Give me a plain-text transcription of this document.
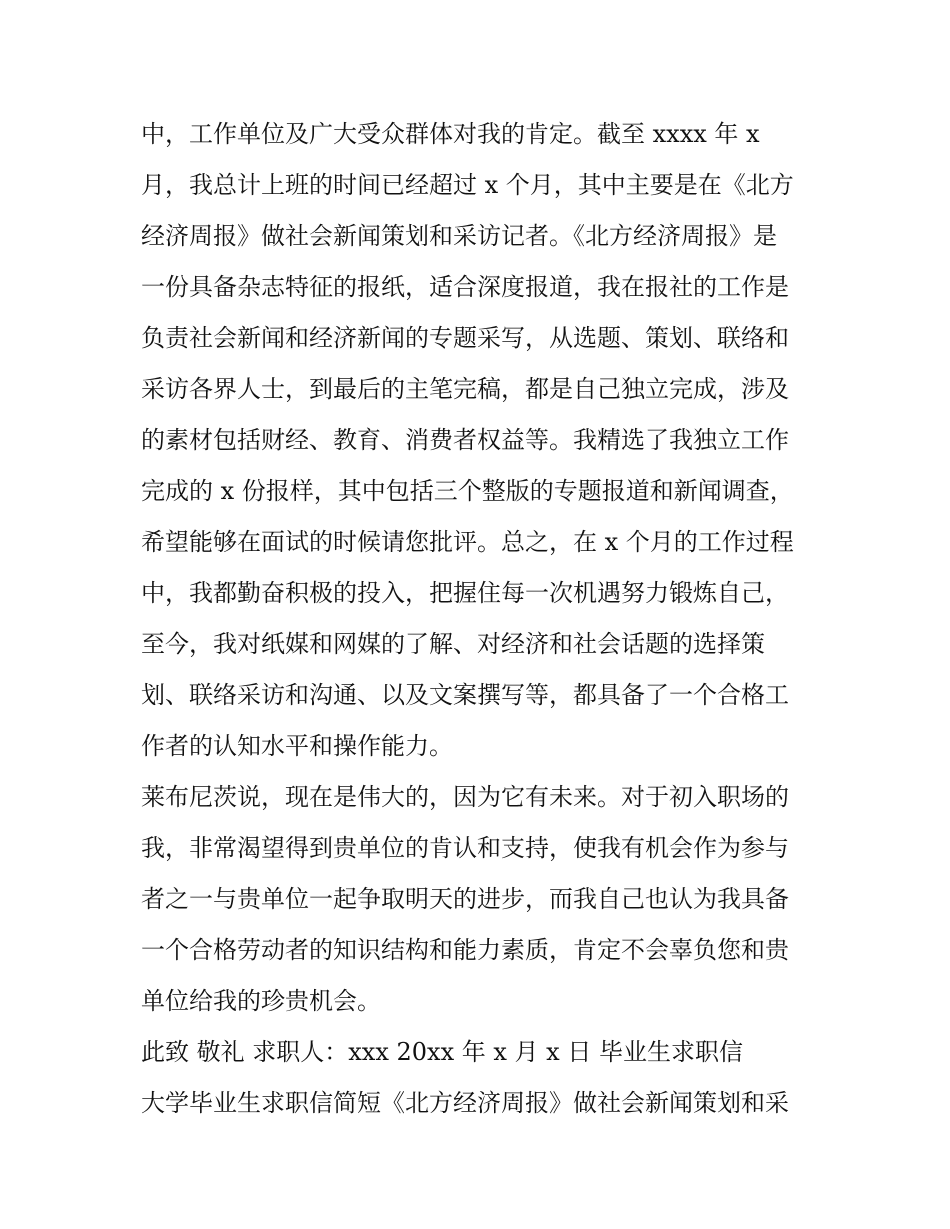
中，工作单位及广大受众群体对我的肯定。截至 xxxx 年 x
月，我总计上班的时间已经超过 x 个月，其中主要是在《北方
经济周报》做社会新闻策划和采访记者。《北方经济周报》是
一份具备杂志特征的报纸，适合深度报道，我在报社的工作是
负责社会新闻和经济新闻的专题采写，从选题、策划、联络和
采访各界人士，到最后的主笔完稿，都是自己独立完成，涉及
的素材包括财经、教育、消费者权益等。我精选了我独立工作
完成的 x 份报样，其中包括三个整版的专题报道和新闻调查，
希望能够在面试的时候请您批评。总之，在 x 个月的工作过程
中，我都勤奋积极的投入，把握住每一次机遇努力锻炼自己，
至今，我对纸媒和网媒的了解、对经济和社会话题的选择策
划、联络采访和沟通、以及文案撰写等，都具备了一个合格工
作者的认知水平和操作能力。
莱布尼茨说，现在是伟大的，因为它有未来。对于初入职场的
我，非常渴望得到贵单位的肯认和支持，使我有机会作为参与
者之一与贵单位一起争取明天的进步，而我自己也认为我具备
一个合格劳动者的知识结构和能力素质，肯定不会辜负您和贵
单位给我的珍贵机会。
此致 敬礼 求职人：xxx 20xx 年 x 月 x 日 毕业生求职信
大学毕业生求职信简短《北方经济周报》做社会新闻策划和采
